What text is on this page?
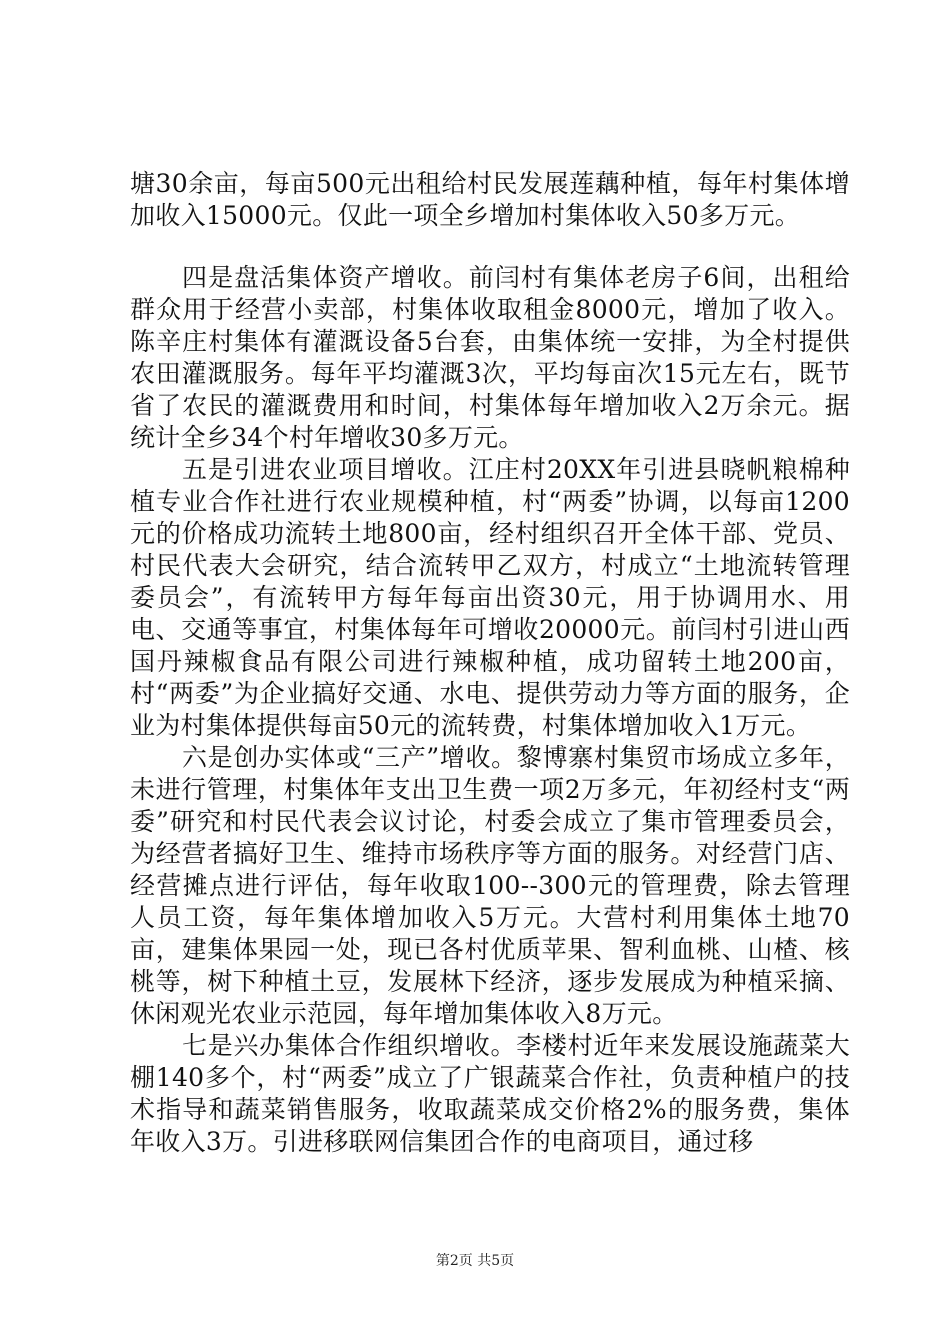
塘30余亩，每亩500元出租给村民发展莲藕种植，每年村集体增加收入15000元。仅此一项全乡增加村集体收入50多万元。

四是盘活集体资产增收。前闫村有集体老房子6间，出租给群众用于经营小卖部，村集体收取租金8000元，增加了收入。陈辛庄村集体有灌溉设备5台套，由集体统一安排，为全村提供农田灌溉服务。每年平均灌溉3次，平均每亩次15元左右，既节省了农民的灌溉费用和时间，村集体每年增加收入2万余元。据统计全乡34个村年增收30多万元。

五是引进农业项目增收。江庄村20XX年引进县晓帆粮棉种植专业合作社进行农业规模种植，村“两委”协调，以每亩1200元的价格成功流转土地800亩，经村组织召开全体干部、党员、村民代表大会研究，结合流转甲乙双方，村成立“土地流转管理委员会”，有流转甲方每年每亩出资30元，用于协调用水、用电、交通等事宜，村集体每年可增收20000元。前闫村引进山西国丹辣椒食品有限公司进行辣椒种植，成功留转土地200亩，村“两委”为企业搞好交通、水电、提供劳动力等方面的服务，企业为村集体提供每亩50元的流转费，村集体增加收入1万元。

六是创办实体或“三产”增收。黎博寨村集贸市场成立多年，未进行管理，村集体年支出卫生费一项2万多元，年初经村支“两委”研究和村民代表会议讨论，村委会成立了集市管理委员会，为经营者搞好卫生、维持市场秩序等方面的服务。对经营门店、经营摊点进行评估，每年收取100--300元的管理费，除去管理人员工资，每年集体增加收入5万元。大营村利用集体土地70亩，建集体果园一处，现已各村优质苹果、智利血桃、山楂、核桃等，树下种植土豆，发展林下经济，逐步发展成为种植采摘、休闲观光农业示范园，每年增加集体收入8万元。

七是兴办集体合作组织增收。李楼村近年来发展设施蔬菜大棚140多个，村“两委”成立了广银蔬菜合作社，负责种植户的技术指导和蔬菜销售服务，收取蔬菜成交价格2%的服务费，集体年收入3万。引进移联网信集团合作的电商项目，通过移

第2页 共5页
